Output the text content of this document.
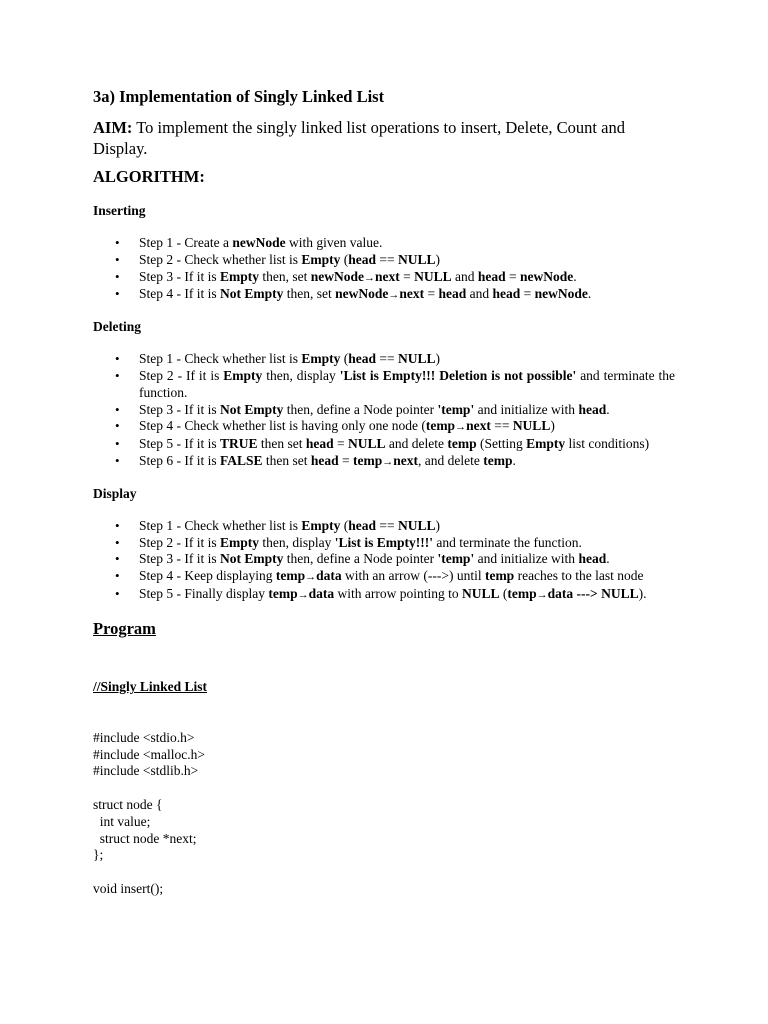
3a) Implementation of Singly Linked List
AIM: To implement the singly linked list operations to insert, Delete, Count and Display.
ALGORITHM:
Inserting
• Step 1 - Create a newNode with given value.
• Step 2 - Check whether list is Empty (head == NULL)
• Step 3 - If it is Empty then, set newNode→next = NULL and head = newNode.
• Step 4 - If it is Not Empty then, set newNode→next = head and head = newNode.
Deleting
• Step 1 - Check whether list is Empty (head == NULL)
• Step 2 - If it is Empty then, display 'List is Empty!!! Deletion is not possible' and terminate the function.
• Step 3 - If it is Not Empty then, define a Node pointer 'temp' and initialize with head.
• Step 4 - Check whether list is having only one node (temp→next == NULL)
• Step 5 - If it is TRUE then set head = NULL and delete temp (Setting Empty list conditions)
• Step 6 - If it is FALSE then set head = temp→next, and delete temp.
Display
• Step 1 - Check whether list is Empty (head == NULL)
• Step 2 - If it is Empty then, display 'List is Empty!!!' and terminate the function.
• Step 3 - If it is Not Empty then, define a Node pointer 'temp' and initialize with head.
• Step 4 - Keep displaying temp→data with an arrow (--->) until temp reaches to the last node
• Step 5 - Finally display temp→data with arrow pointing to NULL (temp→data ---> NULL).
Program

//Singly Linked List

#include <stdio.h>
#include <malloc.h>
#include <stdlib.h>
struct node {
int value;
struct node *next;
};
void insert();
